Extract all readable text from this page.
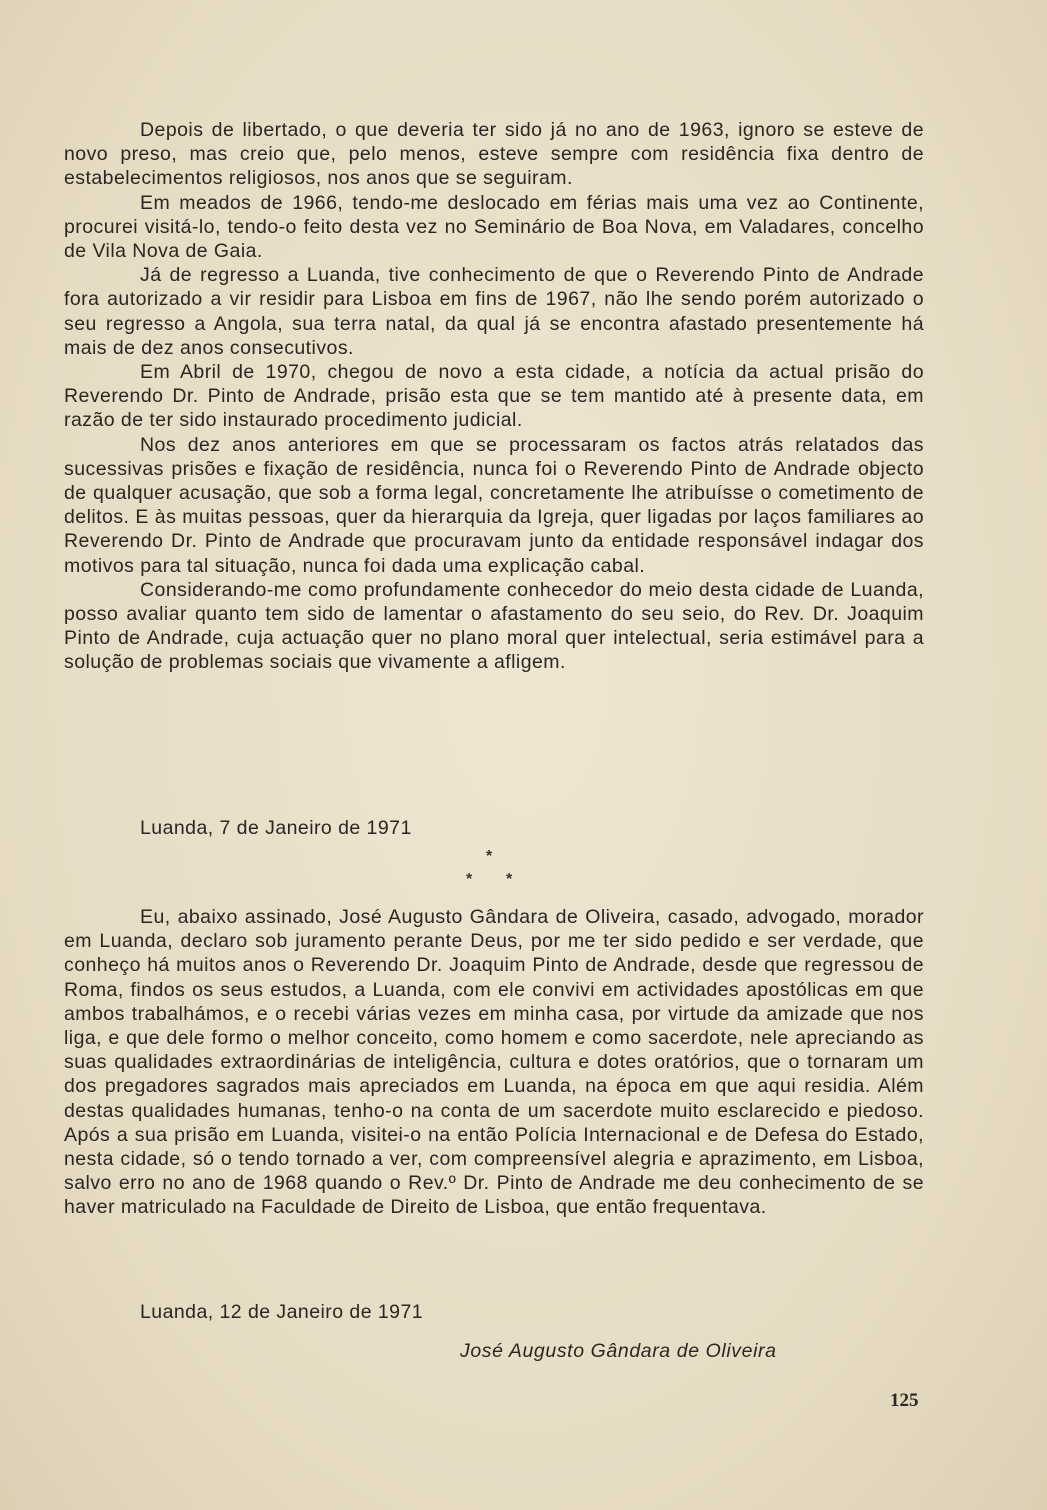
Depois de libertado, o que deveria ter sido já no ano de 1963, ignoro se esteve de novo preso, mas creio que, pelo menos, esteve sempre com residência fixa dentro de estabelecimentos religiosos, nos anos que se seguiram.

Em meados de 1966, tendo-me deslocado em férias mais uma vez ao Continente, procurei visitá-lo, tendo-o feito desta vez no Seminário de Boa Nova, em Valadares, concelho de Vila Nova de Gaia.

Já de regresso a Luanda, tive conhecimento de que o Reverendo Pinto de Andrade fora autorizado a vir residir para Lisboa em fins de 1967, não lhe sendo porém autorizado o seu regresso a Angola, sua terra natal, da qual já se encontra afastado presentemente há mais de dez anos consecutivos.

Em Abril de 1970, chegou de novo a esta cidade, a notícia da actual prisão do Reverendo Dr. Pinto de Andrade, prisão esta que se tem mantido até à presente data, em razão de ter sido instaurado procedimento judicial.

Nos dez anos anteriores em que se processaram os factos atrás relatados das sucessivas prisões e fixação de residência, nunca foi o Reverendo Pinto de Andrade objecto de qualquer acusação, que sob a forma legal, concretamente lhe atribuísse o cometimento de delitos. E às muitas pessoas, quer da hierarquia da Igreja, quer ligadas por laços familiares ao Reverendo Dr. Pinto de Andrade que procuravam junto da entidade responsável indagar dos motivos para tal situação, nunca foi dada uma explicação cabal.

Considerando-me como profundamente conhecedor do meio desta cidade de Luanda, posso avaliar quanto tem sido de lamentar o afastamento do seu seio, do Rev. Dr. Joaquim Pinto de Andrade, cuja actuação quer no plano moral quer intelectual, seria estimável para a solução de problemas sociais que vivamente a afligem.

Luanda, 7 de Janeiro de 1971
*
* *

Eu, abaixo assinado, José Augusto Gândara de Oliveira, casado, advogado, morador em Luanda, declaro sob juramento perante Deus, por me ter sido pedido e ser verdade, que conheço há muitos anos o Reverendo Dr. Joaquim Pinto de Andrade, desde que regressou de Roma, findos os seus estudos, a Luanda, com ele convivi em actividades apostólicas em que ambos trabalhámos, e o recebi várias vezes em minha casa, por virtude da amizade que nos liga, e que dele formo o melhor conceito, como homem e como sacerdote, nele apreciando as suas qualidades extraordinárias de inteligência, cultura e dotes oratórios, que o tornaram um dos pregadores sagrados mais apreciados em Luanda, na época em que aqui residia. Além destas qualidades humanas, tenho-o na conta de um sacerdote muito esclarecido e piedoso. Após a sua prisão em Luanda, visitei-o na então Polícia Internacional e de Defesa do Estado, nesta cidade, só o tendo tornado a ver, com compreensível alegria e aprazimento, em Lisboa, salvo erro no ano de 1968 quando o Rev.º Dr. Pinto de Andrade me deu conhecimento de se haver matriculado na Faculdade de Direito de Lisboa, que então frequentava.

Luanda, 12 de Janeiro de 1971
José Augusto Gândara de Oliveira
125
